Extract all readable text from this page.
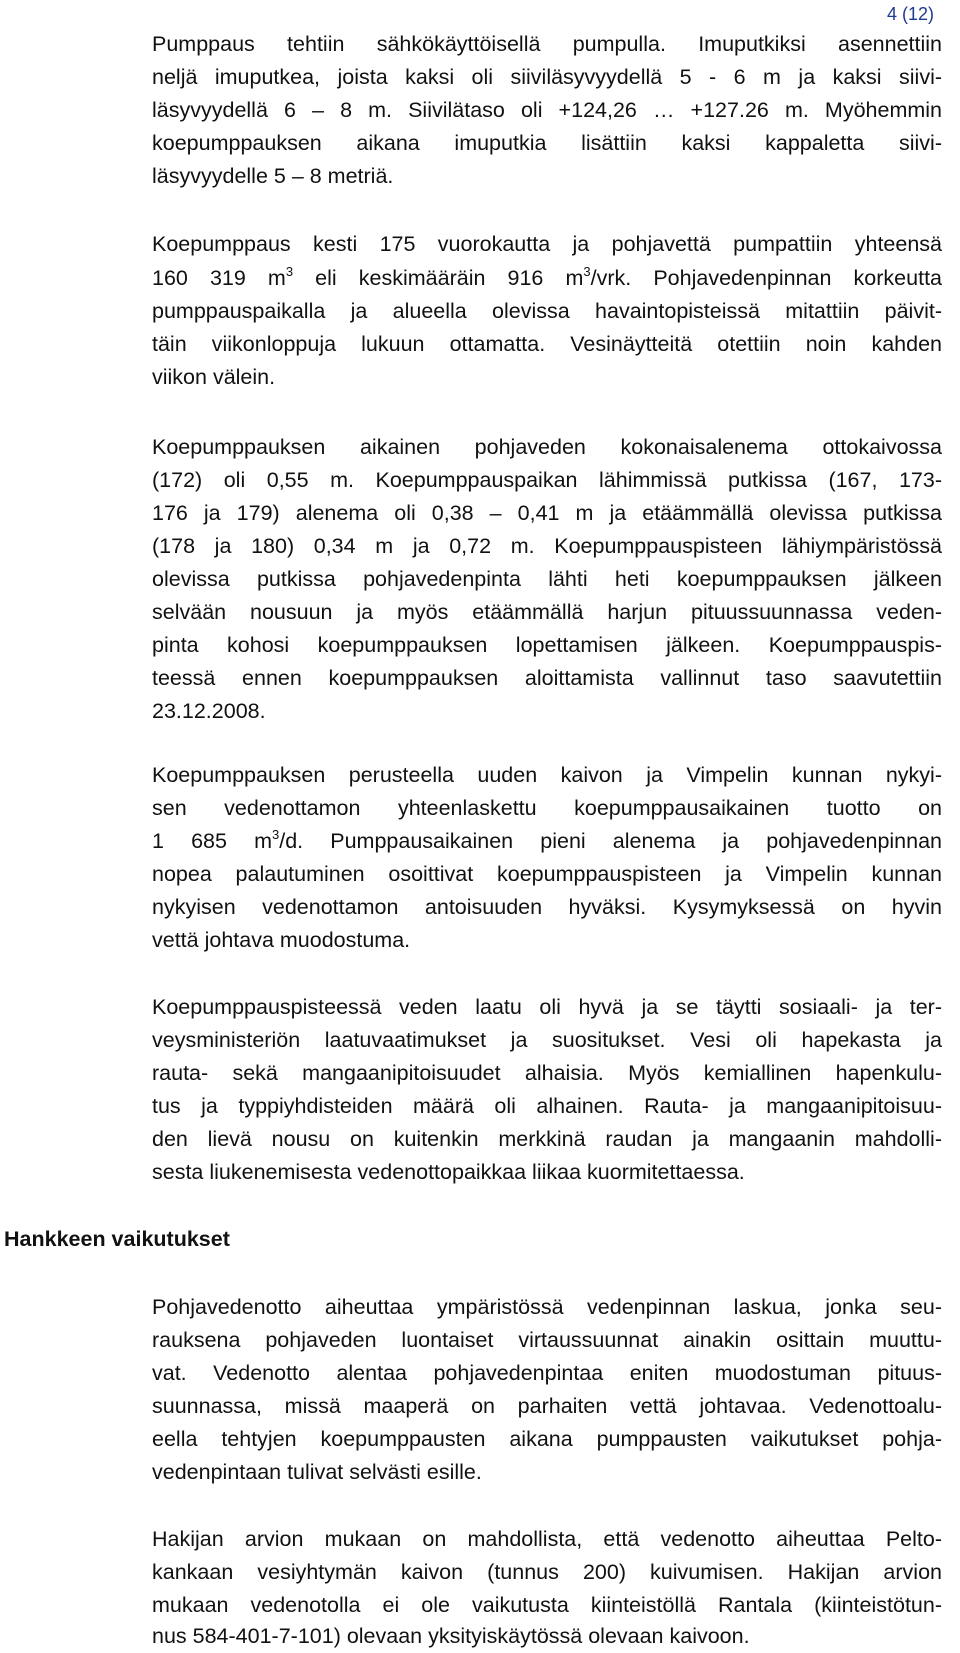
4 (12)
Pumppaus tehtiin sähkökäyttöisellä pumpulla. Imuputkiksi asennettiin
neljä imuputkea, joista kaksi oli siiviläsyvyydellä 5 - 6 m ja kaksi siivi-
läsyvyydellä 6 – 8 m. Siivilätaso oli +124,26 … +127.26 m. Myöhemmin
koepumppauksen aikana imuputkia lisättiin kaksi kappaletta siivi-
läsyvyydelle 5 – 8 metriä.
Koepumppaus kesti 175 vuorokautta ja pohjavettä pumpattiin yhteensä
160 319 $m^3$ eli keskimääräin 916 $m^3$/vrk. Pohjavedenpinnan korkeutta
pumppauspaikalla ja alueella olevissa havaintopisteissä mitattiin päivit-
täin viikonloppuja lukuun ottamatta. Vesinäytteitä otettiin noin kahden
viikon välein.
Koepumppauksen aikainen pohjaveden kokonaisalenema ottokaivossa
(172) oli 0,55 m. Koepumppauspaikan lähimmissä putkissa (167, 173-
176 ja 179) alenema oli 0,38 – 0,41 m ja etäämmällä olevissa putkissa
(178 ja 180) 0,34 m ja 0,72 m. Koepumppauspisteen lähiympäristössä
olevissa putkissa pohjavedenpinta lähti heti koepumppauksen jälkeen
selvään nousuun ja myös etäämmällä harjun pituussuunnassa veden-
pinta kohosi koepumppauksen lopettamisen jälkeen. Koepumppauspis-
teessä ennen koepumppauksen aloittamista vallinnut taso saavutettiin
23.12.2008.
Koepumppauksen perusteella uuden kaivon ja Vimpelin kunnan nykyi-
sen vedenottamon yhteenlaskettu koepumppausaikainen tuotto on
1 685 $m^3/d$. Pumppausaikainen pieni alenema ja pohjavedenpinnan
nopea palautuminen osoittivat koepumppauspisteen ja Vimpelin kunnan
nykyisen vedenottamon antoisuuden hyväksi. Kysymyksessä on hyvin
vettä johtava muodostuma.
Koepumppauspisteessä veden laatu oli hyvä ja se täytti sosiaali- ja ter-
veysministeriön laatuvaatimukset ja suositukset. Vesi oli hapekasta ja
rauta- sekä mangaanipitoisuudet alhaisia. Myös kemiallinen hapenkulu-
tus ja typpiyhdisteiden määrä oli alhainen. Rauta- ja mangaanipitoisuu-
den lievä nousu on kuitenkin merkkinä raudan ja mangaanin mahdolli-
sesta liukenemisesta vedenottopaikkaa liikaa kuormitettaessa.
Hankkeen vaikutukset
Pohjavedenotto aiheuttaa ympäristössä vedenpinnan laskua, jonka seu-
rauksena pohjaveden luontaiset virtaussuunnat ainakin osittain muuttu-
vat. Vedenotto alentaa pohjavedenpintaa eniten muodostuman pituus-
suunnassa, missä maaperä on parhaiten vettä johtavaa. Vedenottoalu-
eella tehtyjen koepumppausten aikana pumppausten vaikutukset pohja-
vedenpintaan tulivat selvästi esille.
Hakijan arvion mukaan on mahdollista, että vedenotto aiheuttaa Pelto-
kankaan vesiyhtymän kaivon (tunnus 200) kuivumisen. Hakijan arvion
mukaan vedenotolla ei ole vaikutusta kiinteistöllä Rantala (kiinteistötun-
nus 584-401-7-101) olevaan yksityiskäytössä olevaan kaivoon.
